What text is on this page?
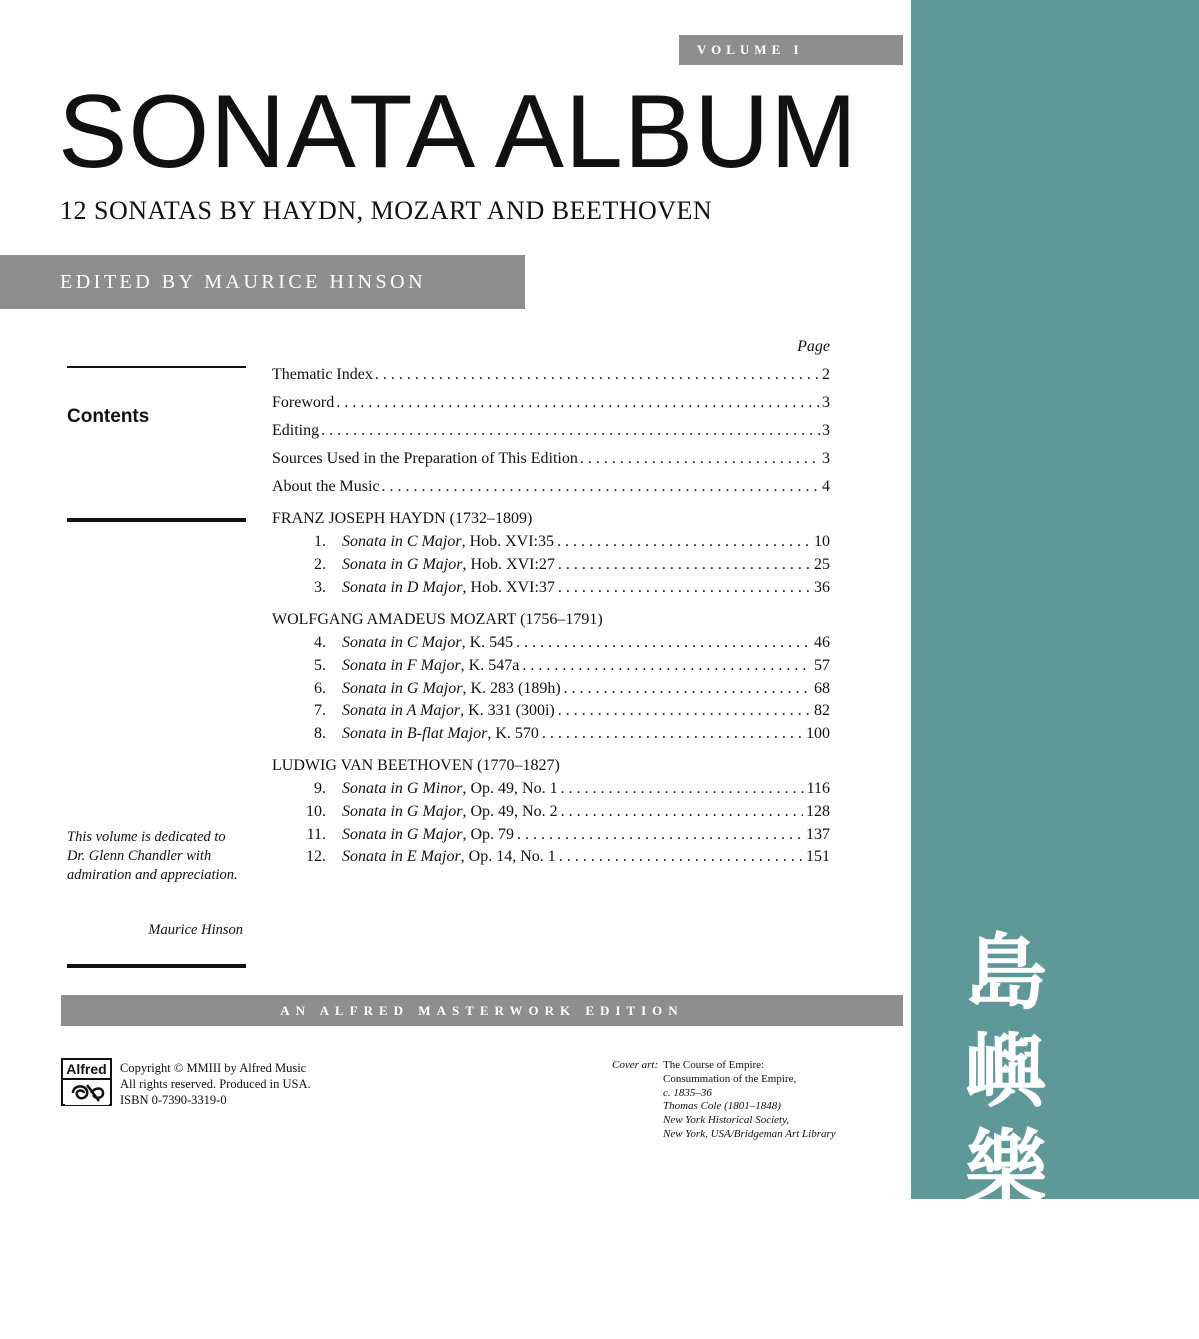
VOLUME I
SONATA ALBUM
12 SONATAS BY HAYDN, MOZART AND BEETHOVEN
EDITED BY MAURICE HINSON
Contents
Page
Thematic Index . . .	2
Foreword . . .	3
Editing . . .	3
Sources Used in the Preparation of This Edition . . .	3
About the Music . . .	4
FRANZ JOSEPH HAYDN (1732–1809)
1. Sonata in C Major , Hob. XVI:35 . . .	10
2. Sonata in G Major , Hob. XVI:27 . . .	25
3. Sonata in D Major , Hob. XVI:37 . . .	36
WOLFGANG AMADEUS MOZART (1756–1791)
4. Sonata in C Major , K. 545 . . .	46
5. Sonata in F Major , K. 547a . . .	57
6. Sonata in G Major , K. 283 (189h) . . .	68
7. Sonata in A Major , K. 331 (300i) . . .	82
8. Sonata in B-flat Major , K. 570 . . .	100
LUDWIG VAN BEETHOVEN (1770–1827)
9. Sonata in G Minor , Op. 49, No. 1 . . .	116
10. Sonata in G Major , Op. 49, No. 2 . . .	128
11. Sonata in G Major , Op. 79 . . .	137
12. Sonata in E Major , Op. 14, No. 1 . . .	151
This volume is dedicated to Dr. Glenn Chandler with admiration and appreciation.
Maurice Hinson
AN ALFRED MASTERWORK EDITION
Alfred Copyright © MMIII by Alfred Music
All rights reserved. Produced in USA.
ISBN 0-7390-3319-0
Cover art: The Course of Empire:
Consummation of the Empire,
c. 1835–36
Thomas Cole (1801–1848)
New York Historical Society,
New York, USA/Bridgeman Art Library
島嶼
樂集
island music
